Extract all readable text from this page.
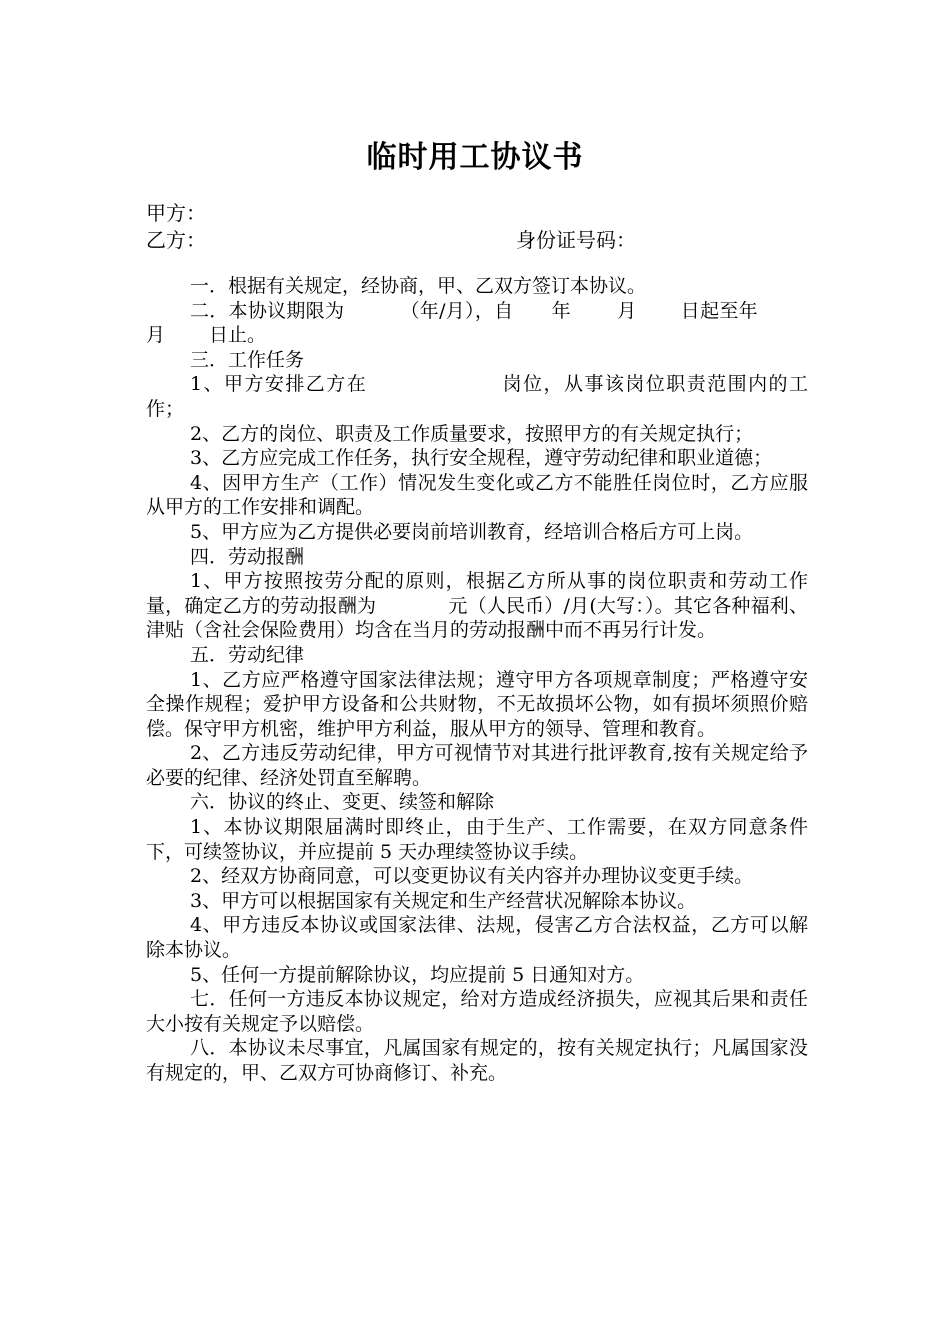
临时用工协议书
甲方：
乙方：	身份证号码：

一．根据有关规定，经协商，甲、乙双方签订本协议。

二．本协议期限为	（年/月），自 年 月 日起至年月 日止。

三．工作任务

1、甲方安排乙方在	岗位，从事该岗位职责范围内的工作；

2、乙方的岗位、职责及工作质量要求，按照甲方的有关规定执行；

3、乙方应完成工作任务，执行安全规程，遵守劳动纪律和职业道德；

4、因甲方生产（工作）情况发生变化或乙方不能胜任岗位时，乙方应服从甲方的工作安排和调配。

5、甲方应为乙方提供必要岗前培训教育，经培训合格后方可上岗。

四．劳动报酬

1、甲方按照按劳分配的原则，根据乙方所从事的岗位职责和劳动工作量，确定乙方的劳动报酬为	元（人民币）/月(大写：）。其它各种福利、津贴（含社会保险费用）均含在当月的劳动报酬中而不再另行计发。

五．劳动纪律

1、乙方应严格遵守国家法律法规；遵守甲方各项规章制度；严格遵守安全操作规程；爱护甲方设备和公共财物，不无故损坏公物，如有损坏须照价赔偿。保守甲方机密，维护甲方利益，服从甲方的领导、管理和教育。

2、乙方违反劳动纪律，甲方可视情节对其进行批评教育,按有关规定给予必要的纪律、经济处罚直至解聘。

六．协议的终止、变更、续签和解除

1、本协议期限届满时即终止，由于生产、工作需要，在双方同意条件下，可续签协议，并应提前 5 天办理续签协议手续。

2、经双方协商同意，可以变更协议有关内容并办理协议变更手续。

3、甲方可以根据国家有关规定和生产经营状况解除本协议。

4、甲方违反本协议或国家法律、法规，侵害乙方合法权益，乙方可以解除本协议。

5、任何一方提前解除协议，均应提前 5 日通知对方。

七．任何一方违反本协议规定，给对方造成经济损失，应视其后果和责任大小按有关规定予以赔偿。

八．本协议未尽事宜，凡属国家有规定的，按有关规定执行；凡属国家没有规定的，甲、乙双方可协商修订、补充。
